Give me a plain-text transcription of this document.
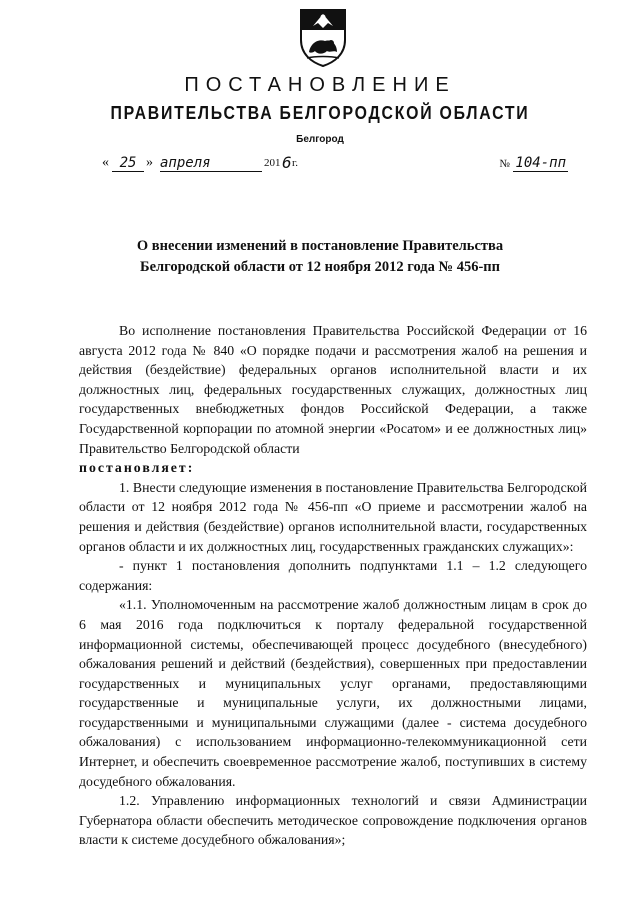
ПОСТАНОВЛЕНИЕ
ПРАВИТЕЛЬСТВА БЕЛГОРОДСКОЙ ОБЛАСТИ
Белгород
« 25 » апреля	201 6 г.	№ 104-пп
О внесении изменений в постановление Правительства
Белгородской области от 12 ноября 2012 года № 456-пп

Во исполнение постановления Правительства Российской Федерации от 16 августа 2012 года № 840 «О порядке подачи и рассмотрения жалоб на решения и действия (бездействие) федеральных органов исполнительной власти и их должностных лиц, федеральных государственных служащих, должностных лиц государственных внебюджетных фондов Российской Федерации, а также Государственной корпорации по атомной энергии «Росатом» и ее должностных лиц» Правительство Белгородской области

постановляет:

1. Внести следующие изменения в постановление Правительства Белгородской области от 12 ноября 2012 года № 456-пп «О приеме и рассмотрении жалоб на решения и действия (бездействие) органов исполнительной власти, государственных органов области и их должностных лиц, государственных гражданских служащих»:

- пункт 1 постановления дополнить подпунктами 1.1 – 1.2 следующего содержания:

«1.1. Уполномоченным на рассмотрение жалоб должностным лицам в срок до 6 мая 2016 года подключиться к порталу федеральной государственной информационной системы, обеспечивающей процесс досудебного (внесудебного) обжалования решений и действий (бездействия), совершенных при предоставлении государственных и муниципальных услуг органами, предоставляющими государственные и муниципальные услуги, их должностными лицами, государственными и муниципальными служащими (далее - система досудебного обжалования) с использованием информационно-телекоммуникационной сети Интернет, и обеспечить своевременное рассмотрение жалоб, поступивших в систему досудебного обжалования.

1.2. Управлению информационных технологий и связи Администрации Губернатора области обеспечить методическое сопровождение подключения органов власти к системе досудебного обжалования»;
